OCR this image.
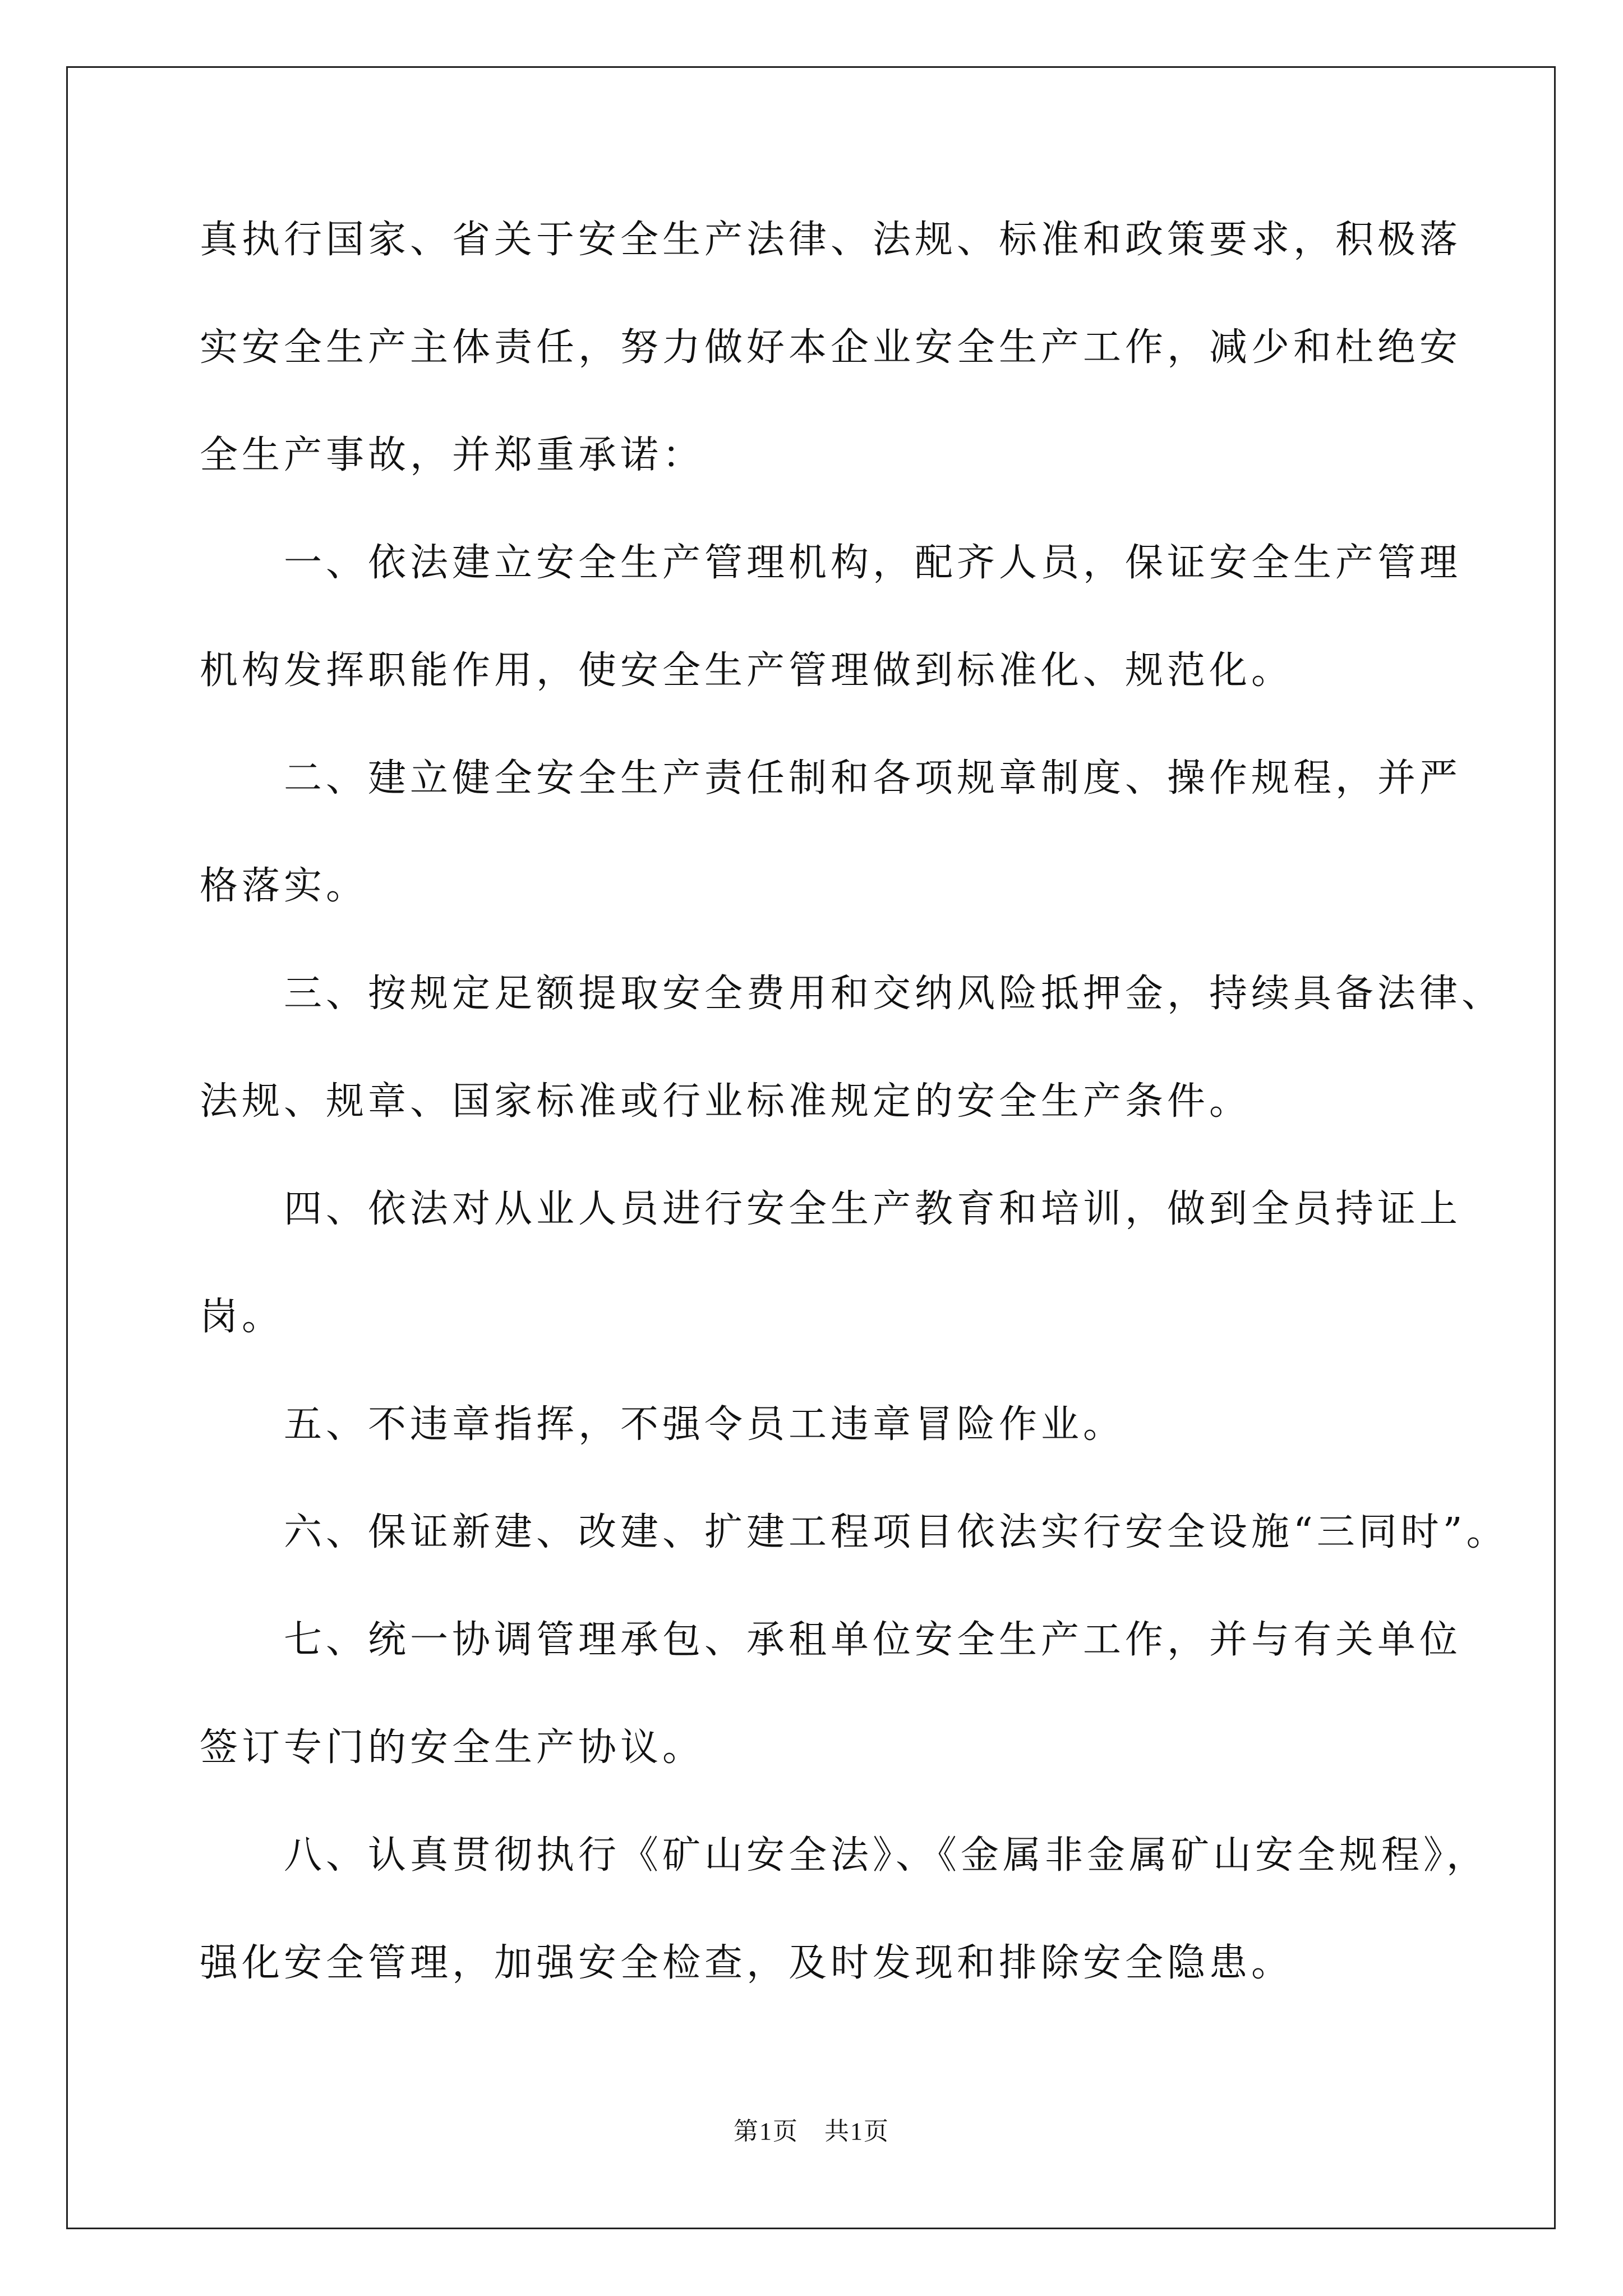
真执行国家、省关于安全生产法律、法规、标准和政策要求，积极落
实安全生产主体责任，努力做好本企业安全生产工作，减少和杜绝安
全生产事故，并郑重承诺：
一、依法建立安全生产管理机构，配齐人员，保证安全生产管理
机构发挥职能作用，使安全生产管理做到标准化、规范化。
二、建立健全安全生产责任制和各项规章制度、操作规程，并严
格落实。
三、按规定足额提取安全费用和交纳风险抵押金，持续具备法律、
法规、规章、国家标准或行业标准规定的安全生产条件。
四、依法对从业人员进行安全生产教育和培训，做到全员持证上
岗。
五、不违章指挥，不强令员工违章冒险作业。
六、保证新建、改建、扩建工程项目依法实行安全设施“三同时”。
七、统一协调管理承包、承租单位安全生产工作，并与有关单位
签订专门的安全生产协议。
八、认真贯彻执行《矿山安全法》、《金属非金属矿山安全规程》，
强化安全管理，加强安全检查，及时发现和排除安全隐患。
第1页　共1页
